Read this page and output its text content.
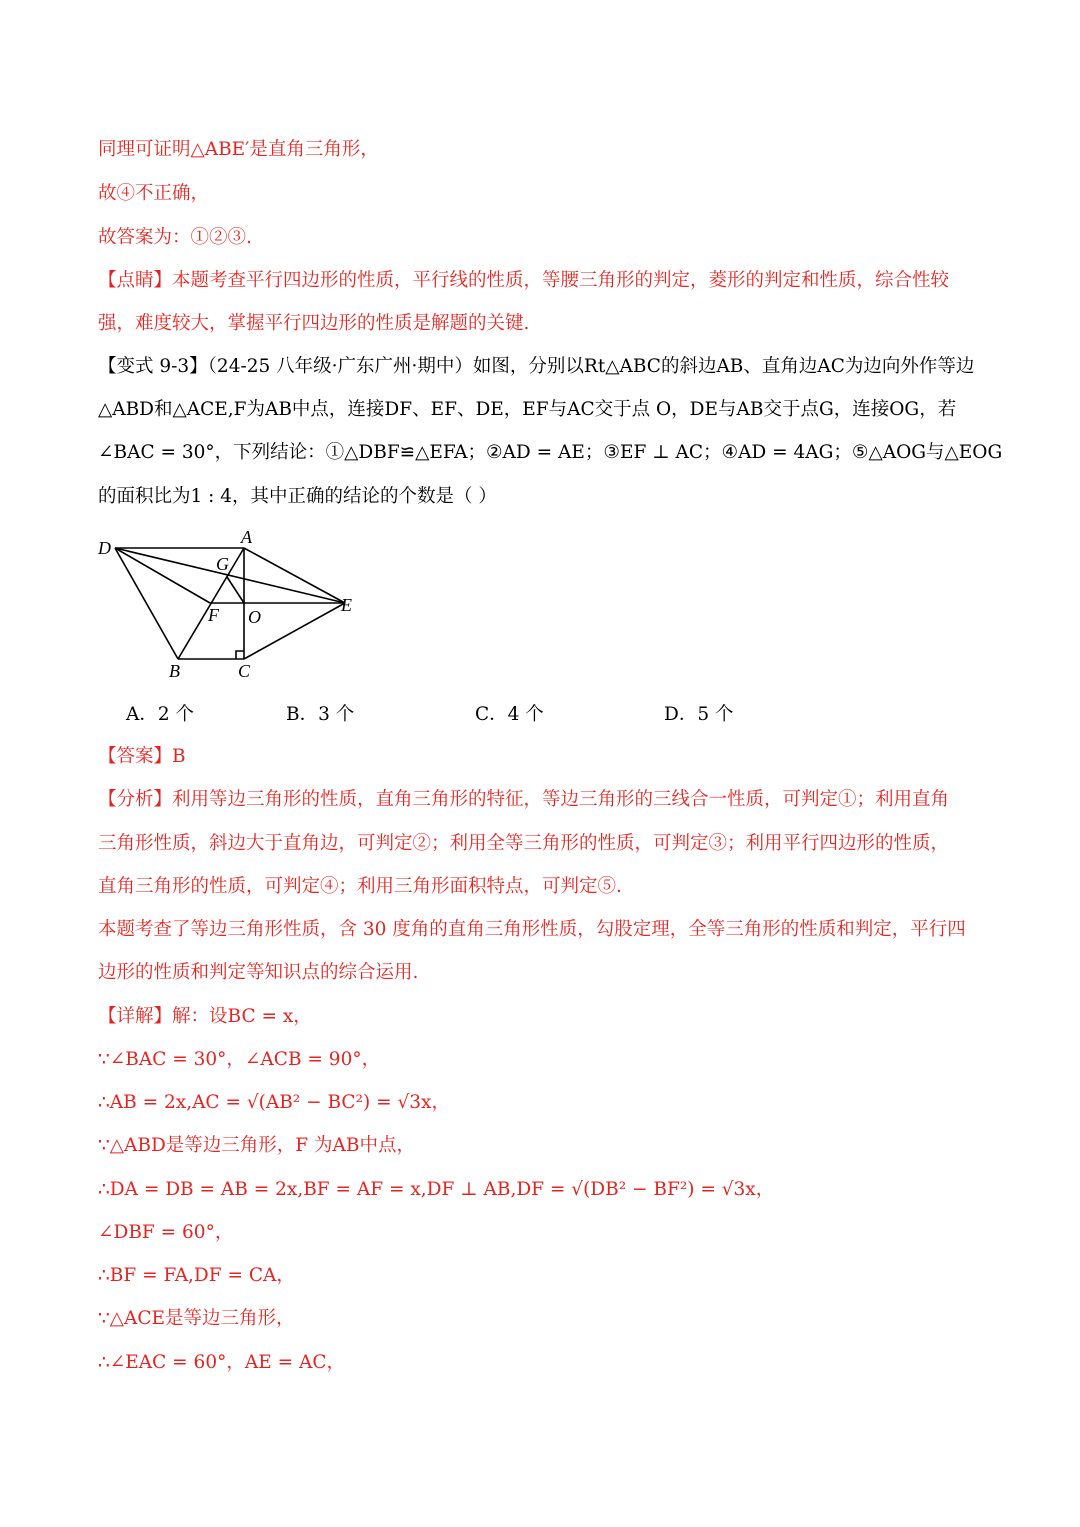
同理可证明△ABE′是直角三角形，
故④不正确，
故答案为：①②③.
【点睛】本题考查平行四边形的性质，平行线的性质，等腰三角形的判定，菱形的判定和性质，综合性较
强，难度较大，掌握平行四边形的性质是解题的关键.
【变式 9-3】（24-25 八年级·广东广州·期中）如图，分别以Rt△ABC的斜边AB、直角边AC为边向外作等边
△ABD和△ACE,F为AB中点，连接DF、EF、DE，EF与AC交于点 O，DE与AB交于点G，连接OG，若
∠BAC = 30°，下列结论：①△DBF≌△EFA；②AD = AE；③EF ⊥ AC；④AD = 4AG；⑤△AOG与△EOG
的面积比为1 : 4，其中正确的结论的个数是（ ）
D
A
G
F O
E
B	C
A．2 个	B．3 个	C．4 个	D．5 个
【答案】B
【分析】利用等边三角形的性质，直角三角形的特征，等边三角形的三线合一性质，可判定①；利用直角
三角形性质，斜边大于直角边，可判定②；利用全等三角形的性质，可判定③；利用平行四边形的性质，
直角三角形的性质，可判定④；利用三角形面积特点，可判定⑤.
本题考查了等边三角形性质，含 30 度角的直角三角形性质，勾股定理，全等三角形的性质和判定，平行四
边形的性质和判定等知识点的综合运用.
【详解】解：设BC = x，
∵∠BAC = 30°，∠ACB = 90°，
∴AB = 2x,AC = √(AB² − BC²) = √3x，
∵△ABD是等边三角形，F 为AB中点，
∴DA = DB = AB = 2x,BF = AF = x,DF ⊥ AB,DF = √(DB² − BF²) = √3x，
∠DBF = 60°，
∴BF = FA,DF = CA，
∵△ACE是等边三角形，
∴∠EAC = 60°，AE = AC，
